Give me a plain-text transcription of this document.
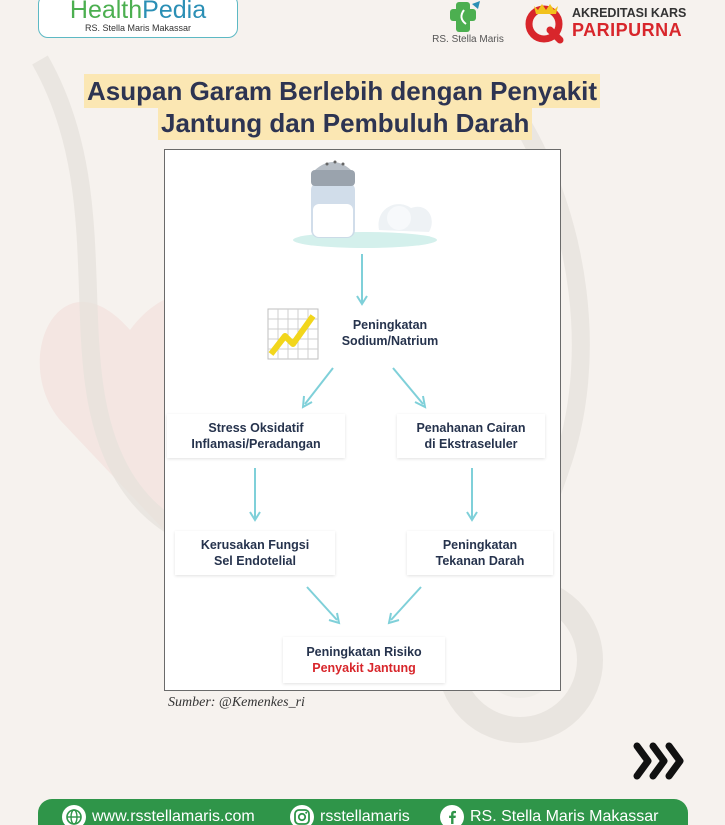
HealthPedia
RS. Stella Maris Makassar
RS. Stella Maris
AKREDITASI KARS
PARIPURNA
Asupan Garam Berlebih dengan Penyakit
Jantung dan Pembuluh Darah
Peningkatan
Sodium/Natrium
Stress Oksidatif
Inflamasi/Peradangan
Penahanan Cairan
di Ekstraseluler
Kerusakan Fungsi
Sel Endotelial
Peningkatan
Tekanan Darah
Peningkatan Risiko
Penyakit Jantung
Sumber: @Kemenkes_ri
www.rsstellamaris.com	rsstellamaris	RS. Stella Maris Makassar
